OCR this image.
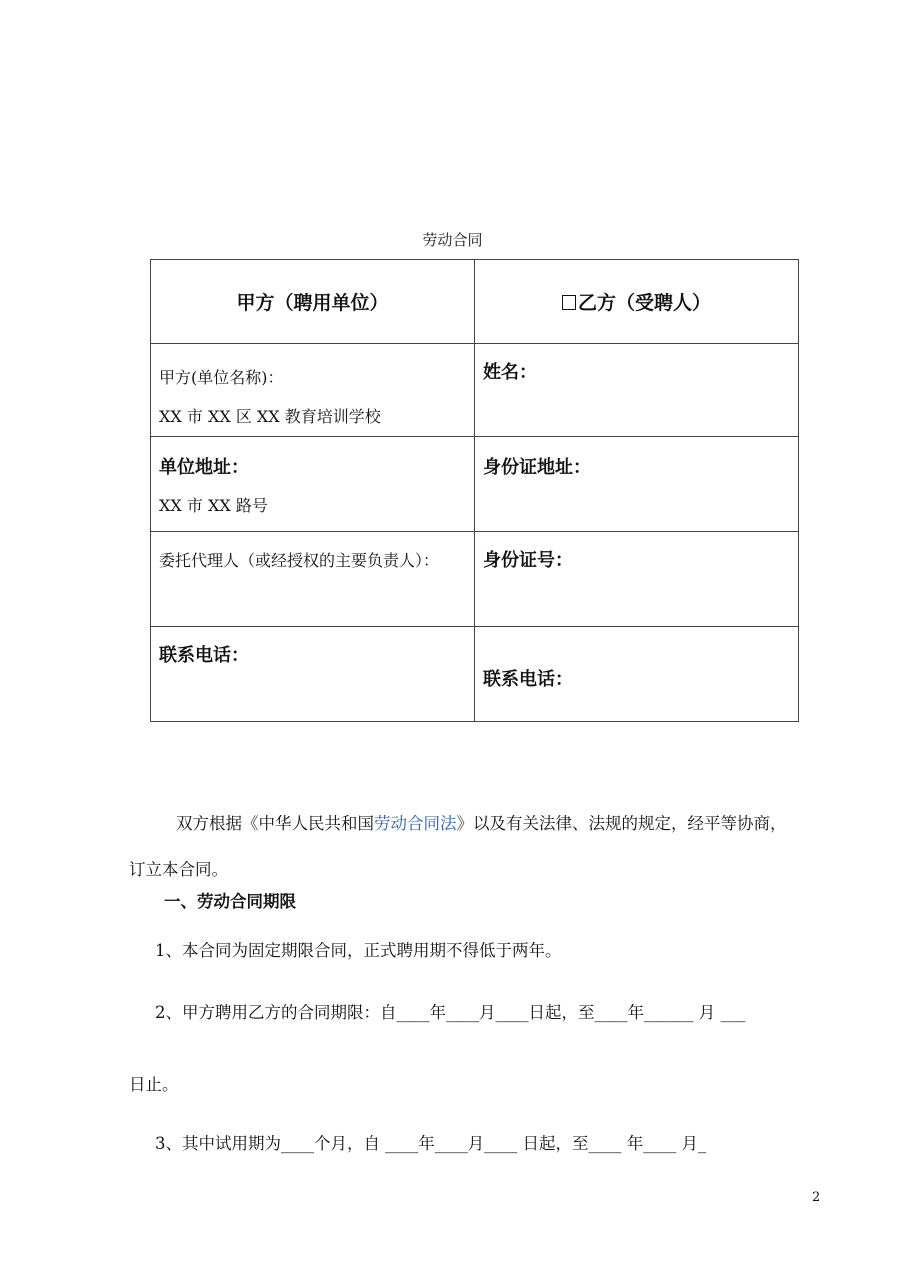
劳动合同
甲方（聘用单位）	乙方（受聘人）

甲方(单位名称)：
XX 市 XX 区 XX 教育培训学校	姓名：

单位地址：
XX 市 XX 路号	身份证地址：

委托代理人（或经授权的主要负责人）：	身份证号：

联系电话：	联系电话：
双方根据《中华人民共和国劳动合同法》以及有关法律、法规的规定，经平等协商，
订立本合同。
一、劳动合同期限
1、本合同为固定期限合同，正式聘用期不得低于两年。
2、甲方聘用乙方的合同期限：自____年____月____日起，至____年______ 月 ___
日止。
3、其中试用期为____个月，自 ____年____月____ 日起，至____ 年____ 月_
2
